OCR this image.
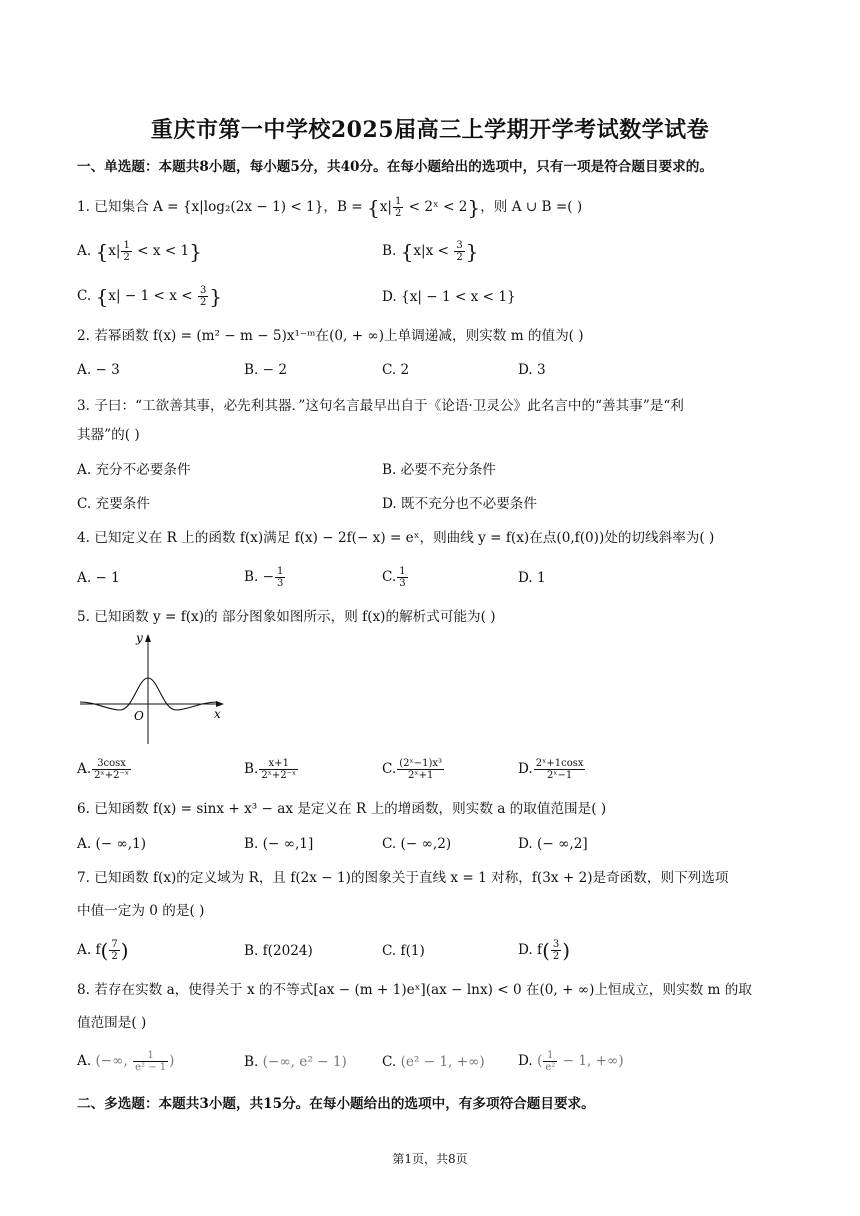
重庆市第一中学校2025届高三上学期开学考试数学试卷
一、单选题：本题共8小题，每小题5分，共40分。在每小题给出的选项中，只有一项是符合题目要求的。
1. 已知集合 A = {x|log₂(2x − 1) < 1}，$B = \{x| \frac{1}{2}$ < 2ˣ < 2}，则 A ∪ B =( )
A. $\{x| \frac{1}{2} < x < 1\}$	B. {$x|x < \frac{3}{2}$ }
C. {$x| - 1 < x < \frac{3}{2}$ }	D. {x| − 1 < x < 1}
2. 若幂函数 f(x) = (m² − m − 5)x¹⁻ᵐ在(0, + ∞)上单调递减，则实数 m 的值为( )
A. − 3	B. − 2	C. 2	D. 3
3. 子曰：“工欲善其事，必先利其器．”这句名言最早出自于《论语·卫灵公》此名言中的“善其事”是“利
其器”的( )
A. 充分不必要条件	B. 必要不充分条件
C. 充要条件	D. 既不充分也不必要条件
4. 已知定义在 R 上的函数 f(x)满足 f(x) − 2f(− x) = eˣ，则曲线 y = f(x)在点(0,f(0))处的切线斜率为( )
A. − 1	B. − $\frac{1}{3}$	C. $\frac{1}{3}$	D. 1
5. 已知函数 y = f(x)的 部分图象如图所示，则 f(x)的解析式可能为( )
y
x
O
A. $\frac{3\cos x}{\text{2ˣ+2⁻ˣ}}$	B. $\frac{x+1}{\text{2ˣ+2⁻ˣ}}$	C. $\frac{\text{(2ˣ−1)x³}}{\text{2ˣ+1}}$	D. $\frac{\text{2ˣ+1cosx}}{\text{2ˣ−1}}$
6. 已知函数 f(x) = sinx + x³ − ax 是定义在 R 上的增函数，则实数 a 的取值范围是( )
A. (− ∞,1)	B. (− ∞,1]	C. (− ∞,2)	D. (− ∞,2]
7. 已知函数 f(x)的定义域为 R，且 f(2x − 1)的图象关于直线 x = 1 对称，f(3x + 2)是奇函数，则下列选项
中值一定为 0 的是( )
A. $f( \frac{7}{2}$ )	B. f(2024)	C. f(1)	D. $f( \frac{3}{2}$ )
8. 若存在实数 a，使得关于 x 的不等式[ax − (m + 1)eˣ](ax − lnx) < 0 在(0, + ∞)上恒成立，则实数 m 的取
值范围是( )
A. (−∞, $\frac{1}{\text{e² − 1}}$ )	B. (−∞, e² − 1)	C. (e² − 1, +∞) D. ( $\frac{1}{\text{e²}} - 1$, +∞)
二、多选题：本题共3小题，共15分。在每小题给出的选项中，有多项符合题目要求。
第1页，共8页
